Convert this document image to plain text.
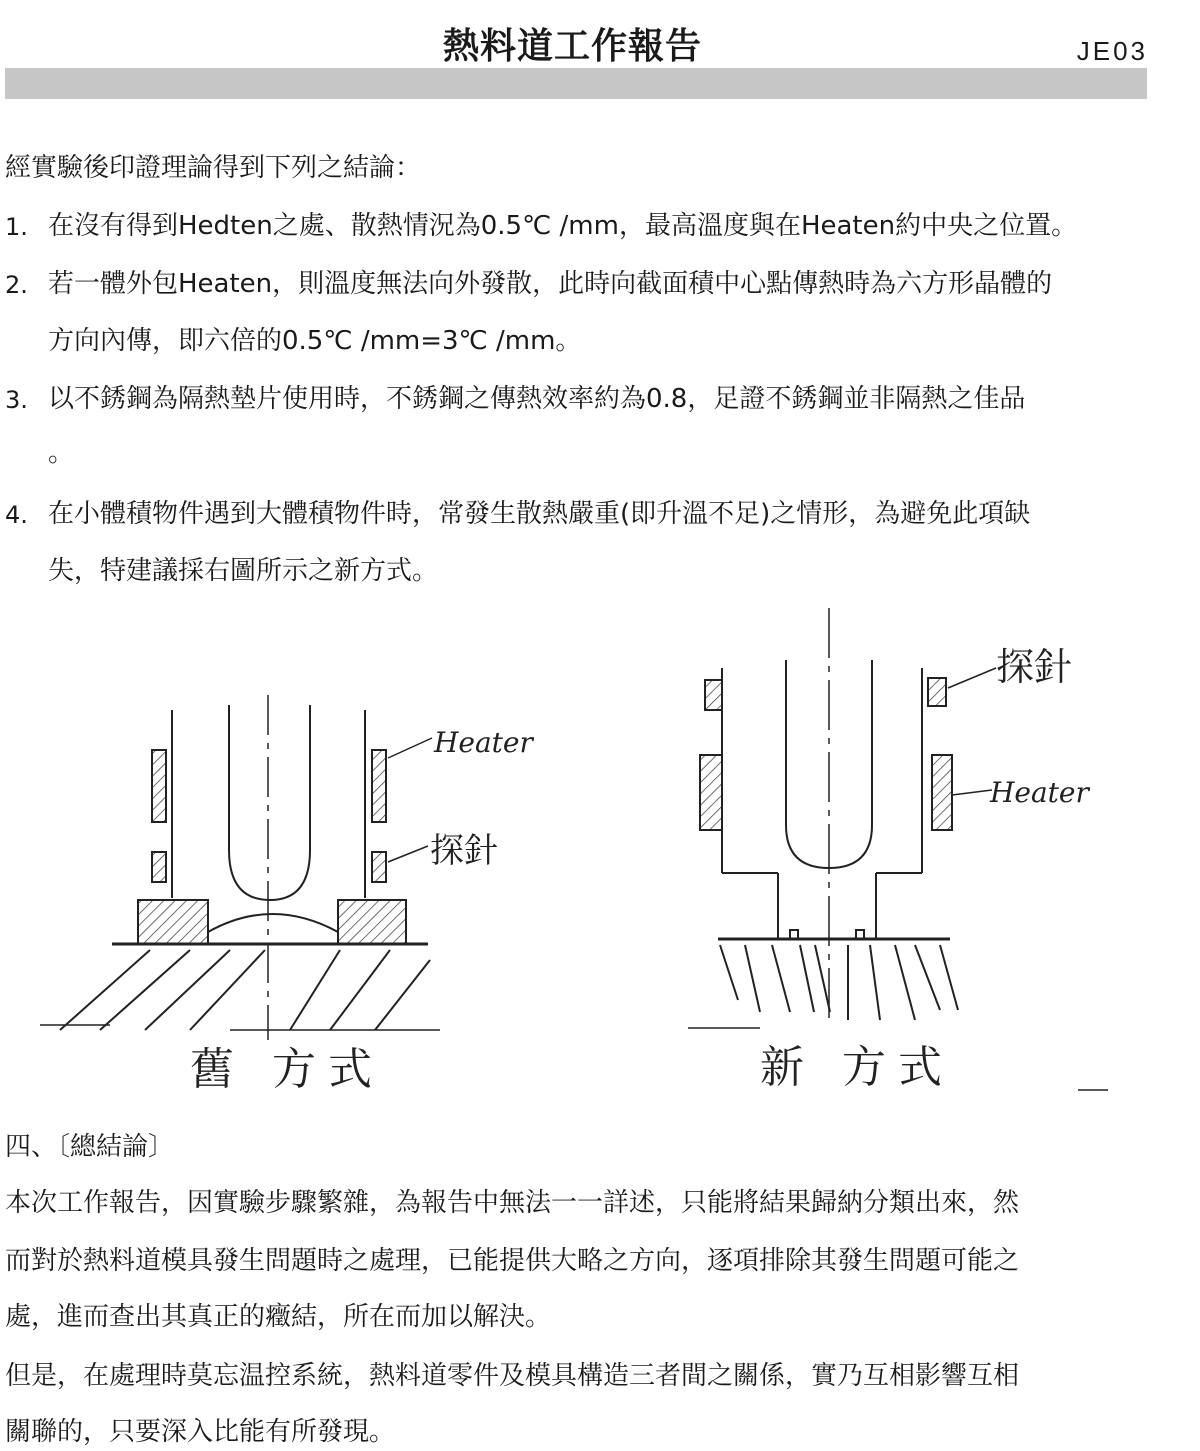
熱料道工作報告	JE03
經實驗後印證理論得到下列之結論：
1. 在沒有得到Hedten之處、散熱情況為0.5℃ /mm，最高溫度與在Heaten約中央之位置。
2. 若一體外包Heaten，則溫度無法向外發散，此時向截面積中心點傳熱時為六方形晶體的
方向內傳，即六倍的0.5℃ /mm=3℃ /mm。
3. 以不銹鋼為隔熱墊片使用時，不銹鋼之傳熱效率約為0.8，足證不銹鋼並非隔熱之佳品
。
4. 在小體積物件遇到大體積物件時，常發生散熱嚴重(即升溫不足)之情形，為避免此項缺
失，特建議採右圖所示之新方式。
Heater
探針
舊 方式
探針
Heater
新 方式
四、〔總結論〕
本次工作報告，因實驗步驟繁雜，為報告中無法一一詳述，只能將結果歸納分類出來，然
而對於熱料道模具發生問題時之處理，已能提供大略之方向，逐項排除其發生問題可能之
處，進而查出其真正的癥結，所在而加以解決。
但是，在處理時莫忘温控系統，熱料道零件及模具構造三者間之關係，實乃互相影響互相
關聯的，只要深入比能有所發現。
